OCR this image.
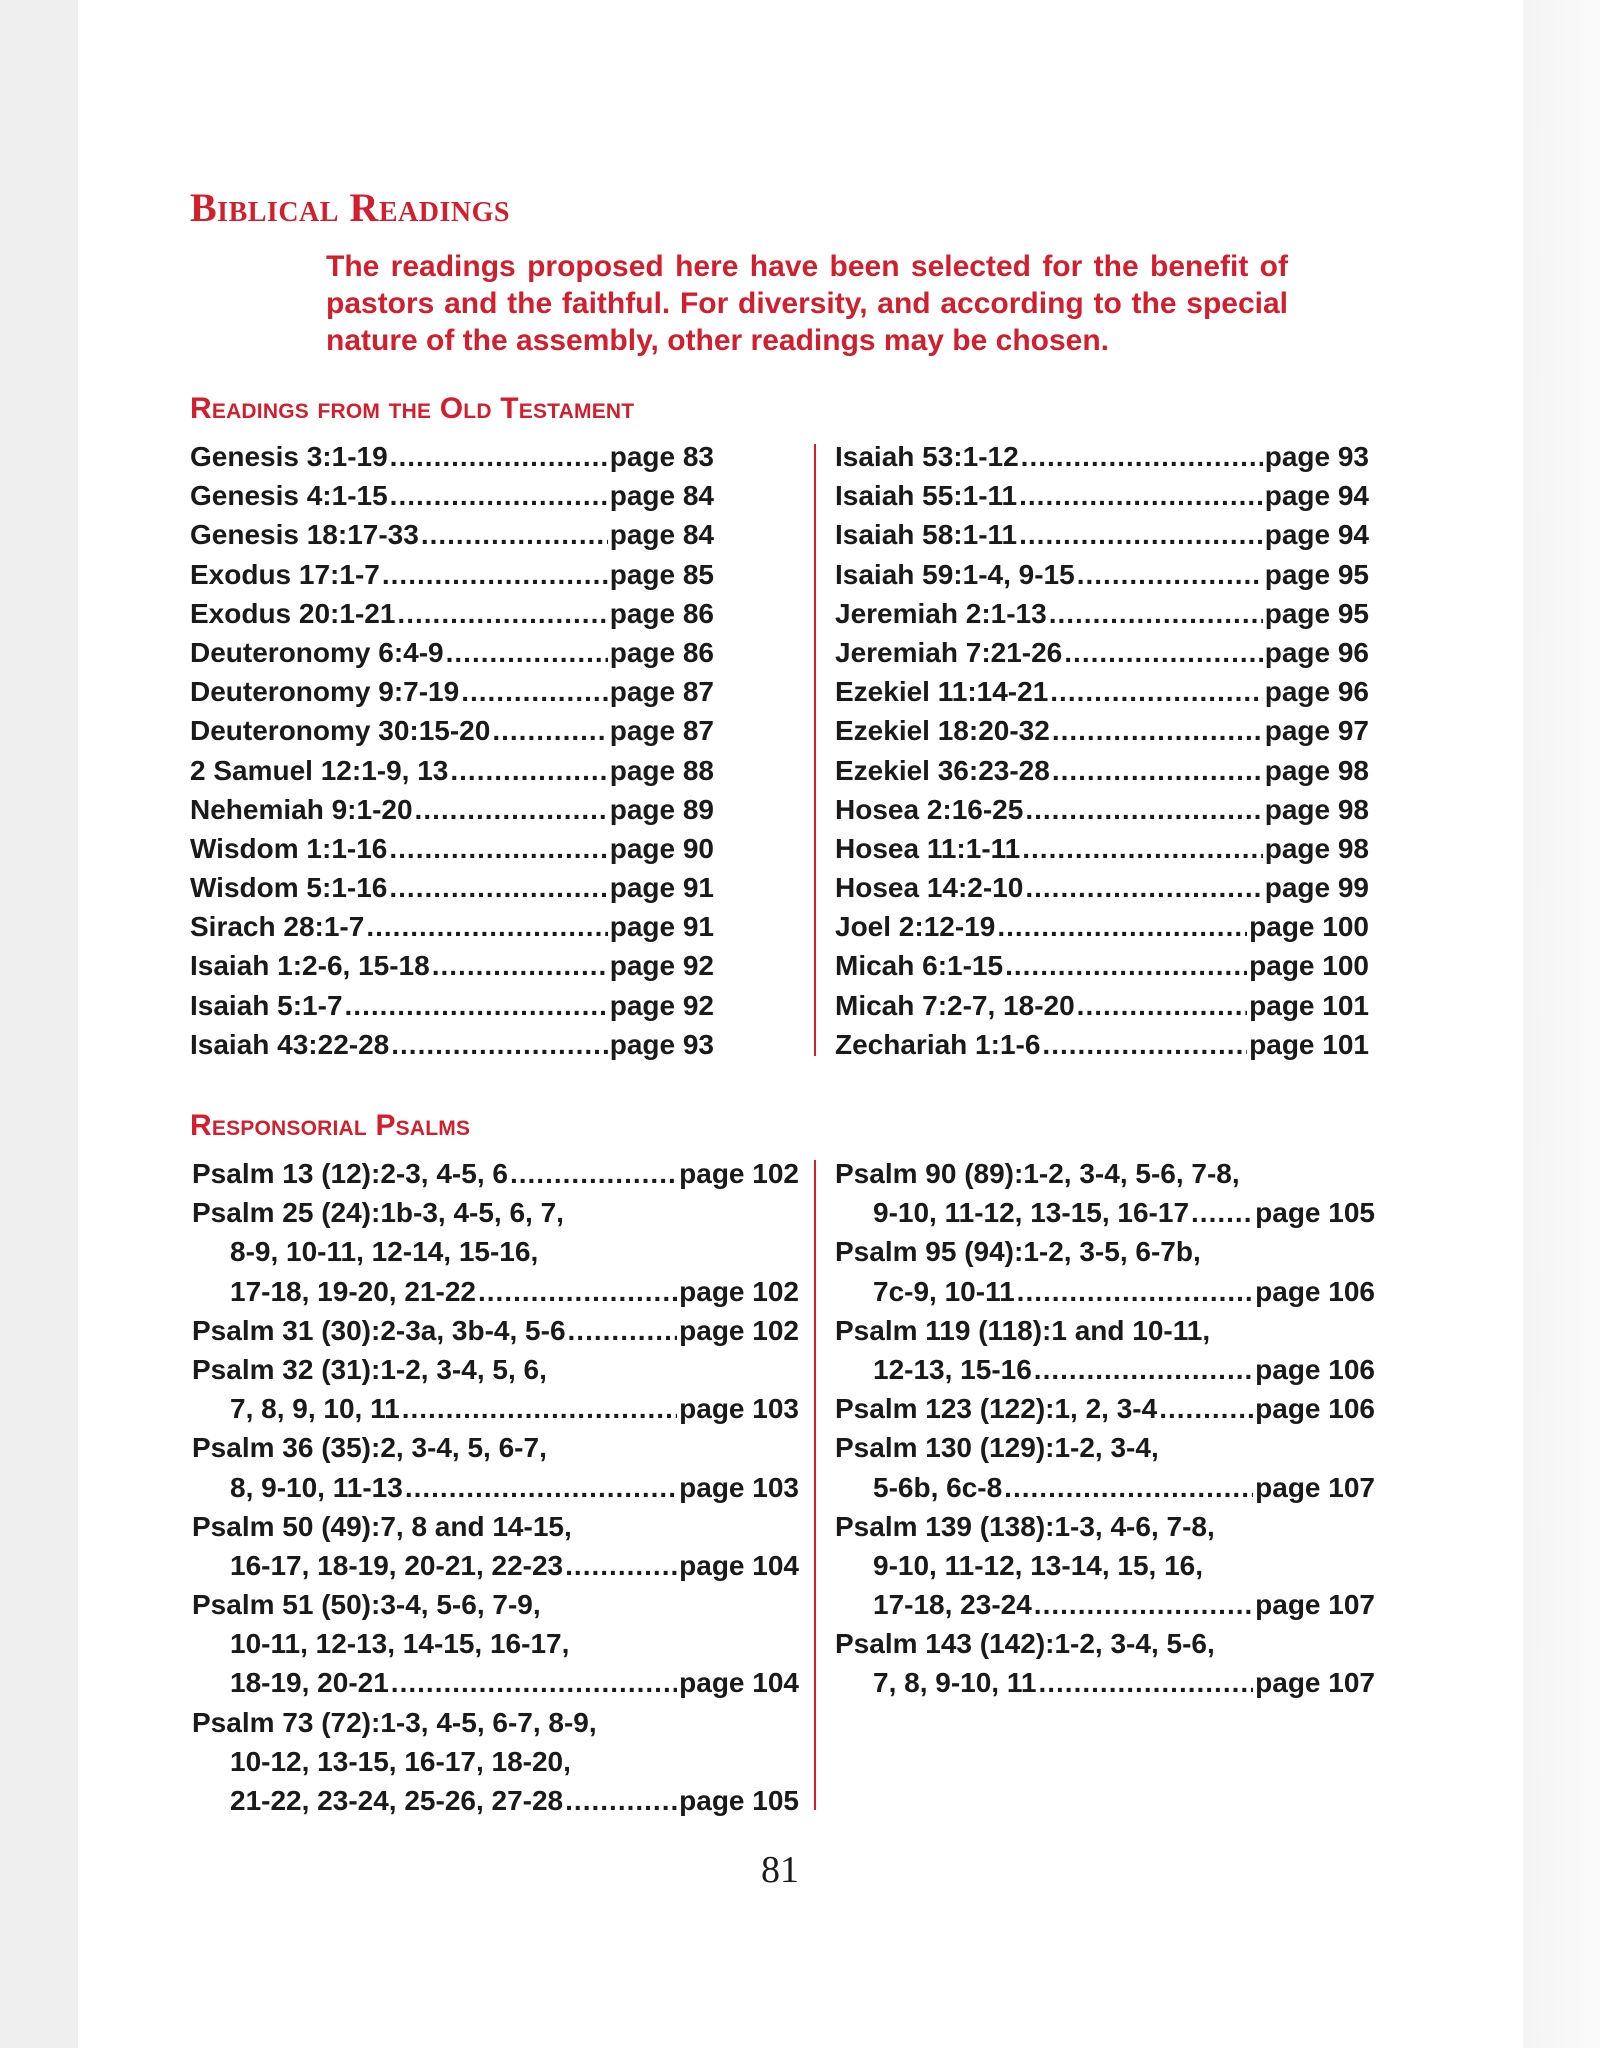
Biblical Readings
The readings proposed here have been selected for the benefit of pastors and the faithful. For diversity, and according to the special nature of the assembly, other readings may be chosen.
Readings from the Old Testament
Genesis 3:1-19 .....	page 83
Genesis 4:1-15 .....	page 84
Genesis 18:17-33 .....	page 84
Exodus 17:1-7 .....	page 85
Exodus 20:1-21 .....	page 86
Deuteronomy 6:4-9 .....	page 86
Deuteronomy 9:7-19 .....	page 87
Deuteronomy 30:15-20 .....	page 87
2 Samuel 12:1-9, 13 .....	page 88
Nehemiah 9:1-20 .....	page 89
Wisdom 1:1-16 .....	page 90
Wisdom 5:1-16 .....	page 91
Sirach 28:1-7 .....	page 91
Isaiah 1:2-6, 15-18 .....	page 92
Isaiah 5:1-7 .....	page 92
Isaiah 43:22-28 .....	page 93
Isaiah 53:1-12 .....	page 93
Isaiah 55:1-11 .....	page 94
Isaiah 58:1-11 .....	page 94
Isaiah 59:1-4, 9-15 .....	page 95
Jeremiah 2:1-13 .....	page 95
Jeremiah 7:21-26 .....	page 96
Ezekiel 11:14-21 .....	page 96
Ezekiel 18:20-32 .....	page 97
Ezekiel 36:23-28 .....	page 98
Hosea 2:16-25 .....	page 98
Hosea 11:1-11 .....	page 98
Hosea 14:2-10 .....	page 99
Joel 2:12-19 .....	page 100
Micah 6:1-15 .....	page 100
Micah 7:2-7, 18-20 .....	page 101
Zechariah 1:1-6 .....	page 101
Responsorial Psalms
Psalm 13 (12):2-3, 4-5, 6 .....	page 102
Psalm 25 (24):1b-3, 4-5, 6, 7,
8-9, 10-11, 12-14, 15-16,
17-18, 19-20, 21-22 .....	page 102
Psalm 31 (30):2-3a, 3b-4, 5-6 .....	page 102
Psalm 32 (31):1-2, 3-4, 5, 6,
7, 8, 9, 10, 11 .....	page 103
Psalm 36 (35):2, 3-4, 5, 6-7,
8, 9-10, 11-13 .....	page 103
Psalm 50 (49):7, 8 and 14-15,
16-17, 18-19, 20-21, 22-23 .....	page 104
Psalm 51 (50):3-4, 5-6, 7-9,
10-11, 12-13, 14-15, 16-17,
18-19, 20-21 .....	page 104
Psalm 73 (72):1-3, 4-5, 6-7, 8-9,
10-12, 13-15, 16-17, 18-20,
21-22, 23-24, 25-26, 27-28 .....	page 105
Psalm 90 (89):1-2, 3-4, 5-6, 7-8,
9-10, 11-12, 13-15, 16-17 ..... page 105
Psalm 95 (94):1-2, 3-5, 6-7b,
7c-9, 10-11 .....	page 106
Psalm 119 (118):1 and 10-11,
12-13, 15-16 .....	page 106
Psalm 123 (122):1, 2, 3-4 .....	page 106
Psalm 130 (129):1-2, 3-4,
5-6b, 6c-8 .....	page 107
Psalm 139 (138):1-3, 4-6, 7-8,
9-10, 11-12, 13-14, 15, 16,
17-18, 23-24 .....	page 107
Psalm 143 (142):1-2, 3-4, 5-6,
7, 8, 9-10, 11 .....	page 107
81
